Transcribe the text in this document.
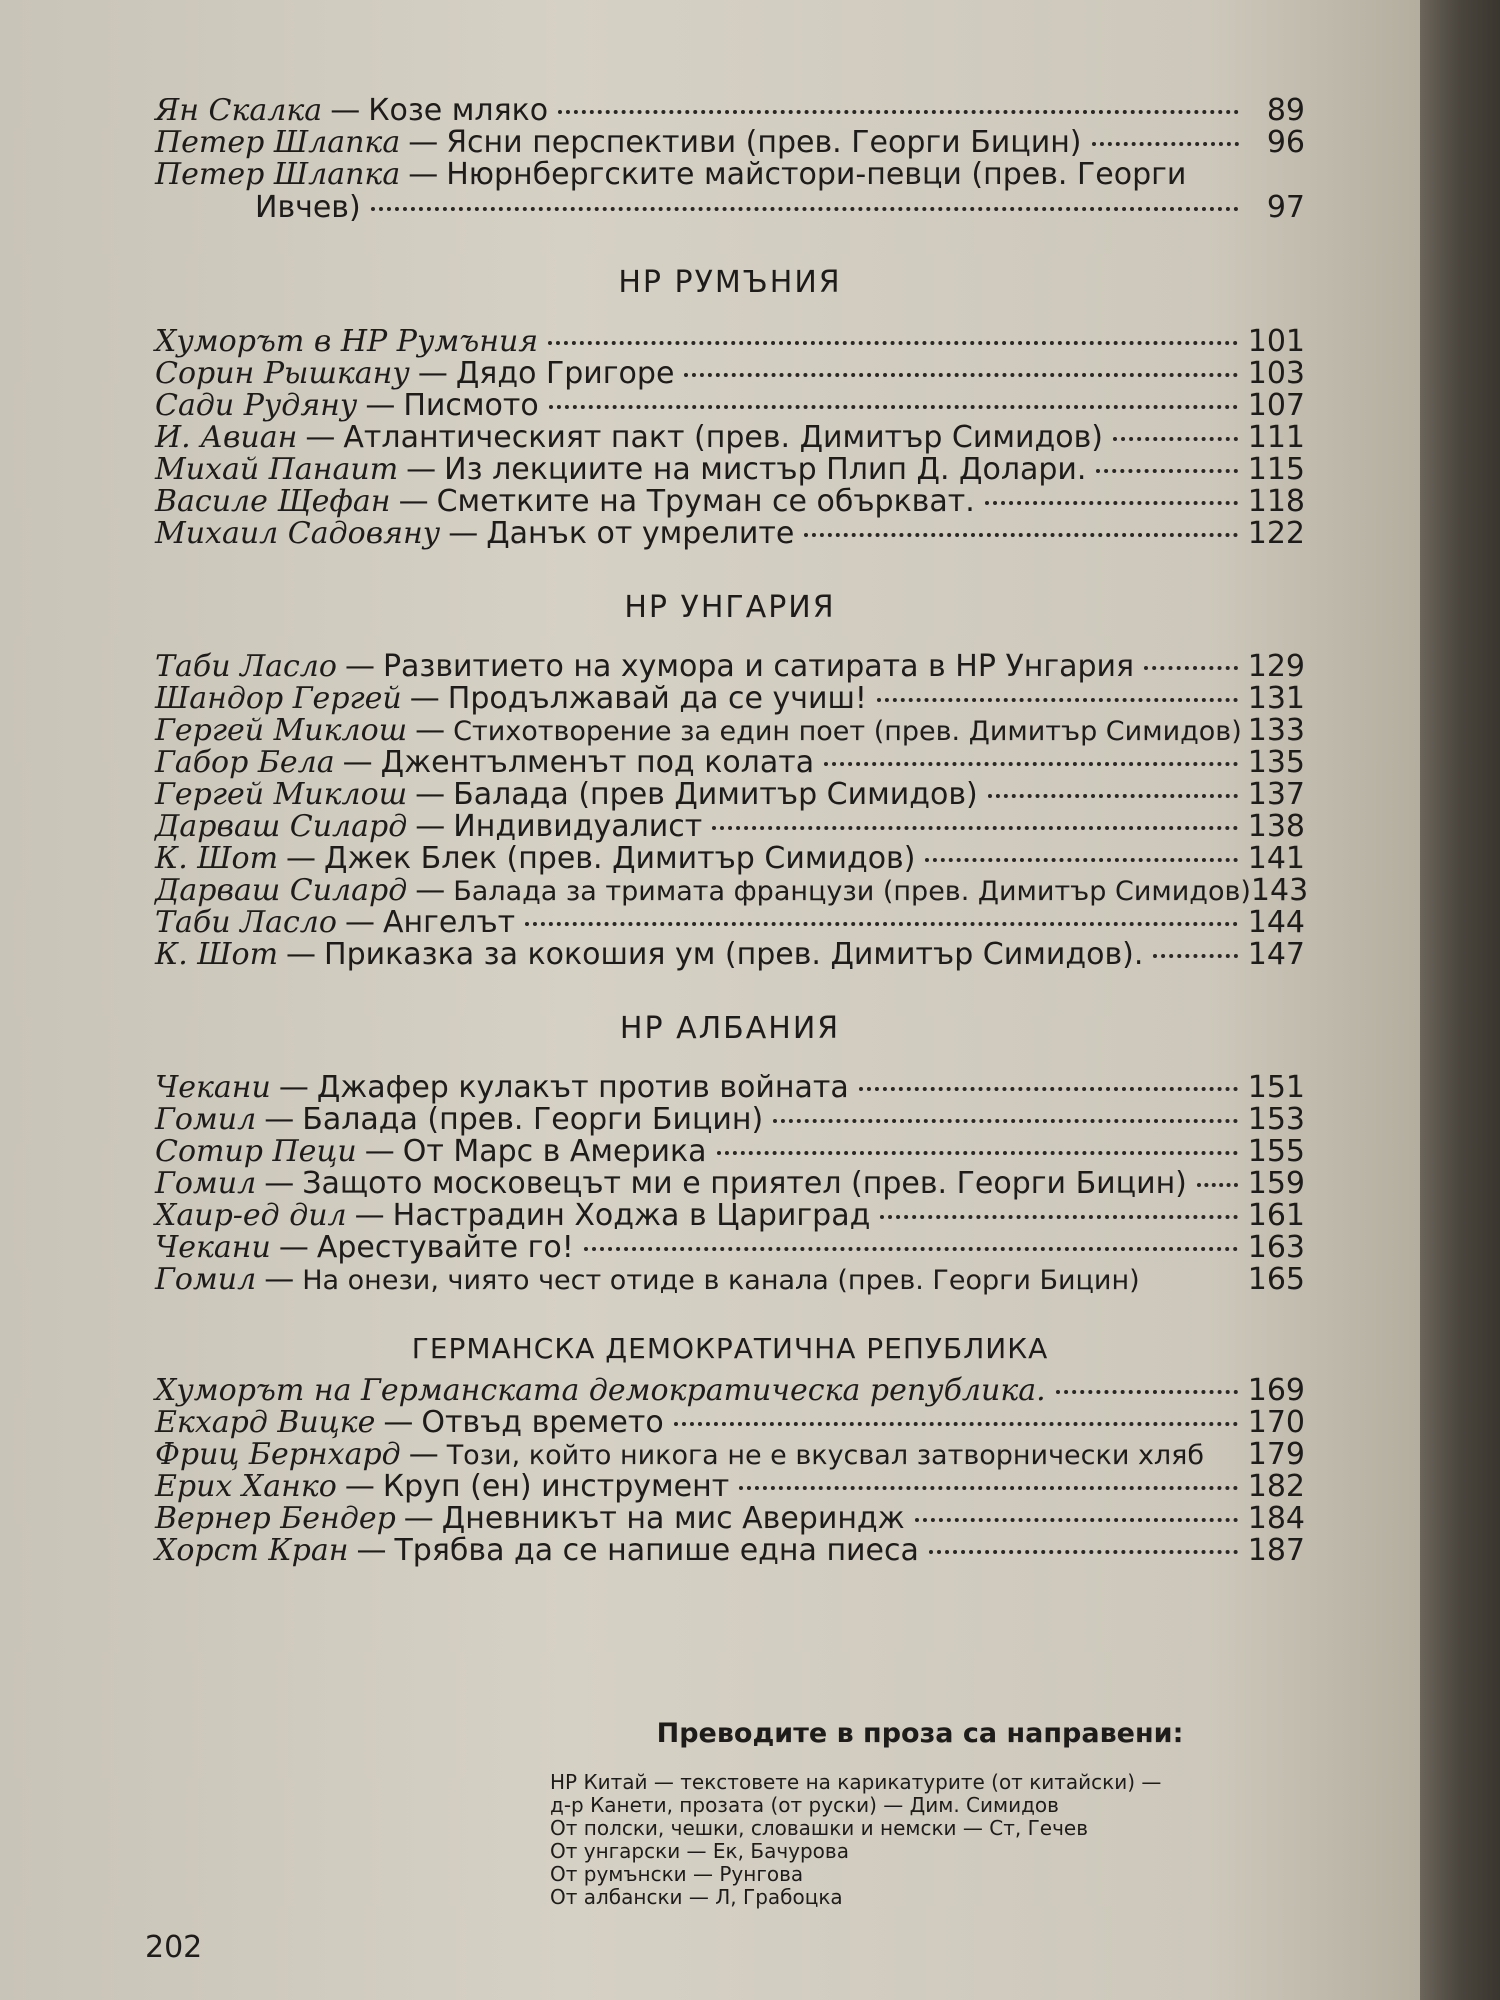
Ян Скалка — Козе мляко	89
Петер Шлапка — Ясни перспективи (прев. Георги Бицин)	96
Петер Шлапка — Нюрнбергските майстори-певци (прев. Георги
Ивчев)	97
НР РУМЪНИЯ
Хуморът в НР Румъния	101
Сорин Рышкану — Дядо Григоре	103
Сади Рудяну — Писмото	107
И. Авиан — Атлантическият пакт (прев. Димитър Симидов)	111
Михай Панаит — Из лекциите на мистър Плип Д. Долари.	115
Василе Щефан — Сметките на Труман се объркват.	118
Михаил Садовяну — Данък от умрелите	122
НР УНГАРИЯ
Таби Ласло — Развитието на хумора и сатирата в НР Унгария	129
Шандор Гергей — Продължавай да се учиш!	131
Гергей Миклош — Стихотворение за един поет (прев. Димитър Симидов) 133
Габор Бела — Джентълменът под колата	135
Гергей Миклош — Балада (прев Димитър Симидов)	137
Дарваш Силард — Индивидуалист	138
К. Шот — Джек Блек (прев. Димитър Симидов)	141
Дарваш Силард — Балада за тримата французи (прев. Димитър Симидов) 143
Таби Ласло — Ангелът	144
К. Шот — Приказка за кокошия ум (прев. Димитър Симидов).	147
НР АЛБАНИЯ
Чекани — Джафер кулакът против войната	151
Гомил — Балада (прев. Георги Бицин)	153
Сотир Пеци — От Марс в Америка	155
Гомил — Защото московецът ми е приятел (прев. Георги Бицин) 159
Хаир-ед дил — Настрадин Ходжа в Цариград	161
Чекани — Арестувайте го!	163
Гомил — На онези, чиято чест отиде в канала (прев. Георги Бицин)	165
ГЕРМАНСКА ДЕМОКРАТИЧНА РЕПУБЛИКА
Хуморът на Германската демократическа република.	169
Екхард Вицке — Отвъд времето	170
Фриц Бернхард — Този, който никога не е вкусвал затворнически хляб 179
Ерих Ханко — Круп (ен) инструмент	182
Вернер Бендер — Дневникът на мис Авериндж	184
Хорст Кран — Трябва да се напише една пиеса	187
Преводите в проза са направени:
НР Китай — текстовете на карикатурите (от китайски) —
д-р Канети, прозата (от руски) — Дим. Симидов
От полски, чешки, словашки и немски — Ст, Гечев
От унгарски — Ек, Бачурова
От румънски — Рунгова
От албански — Л, Грабоцка
202
